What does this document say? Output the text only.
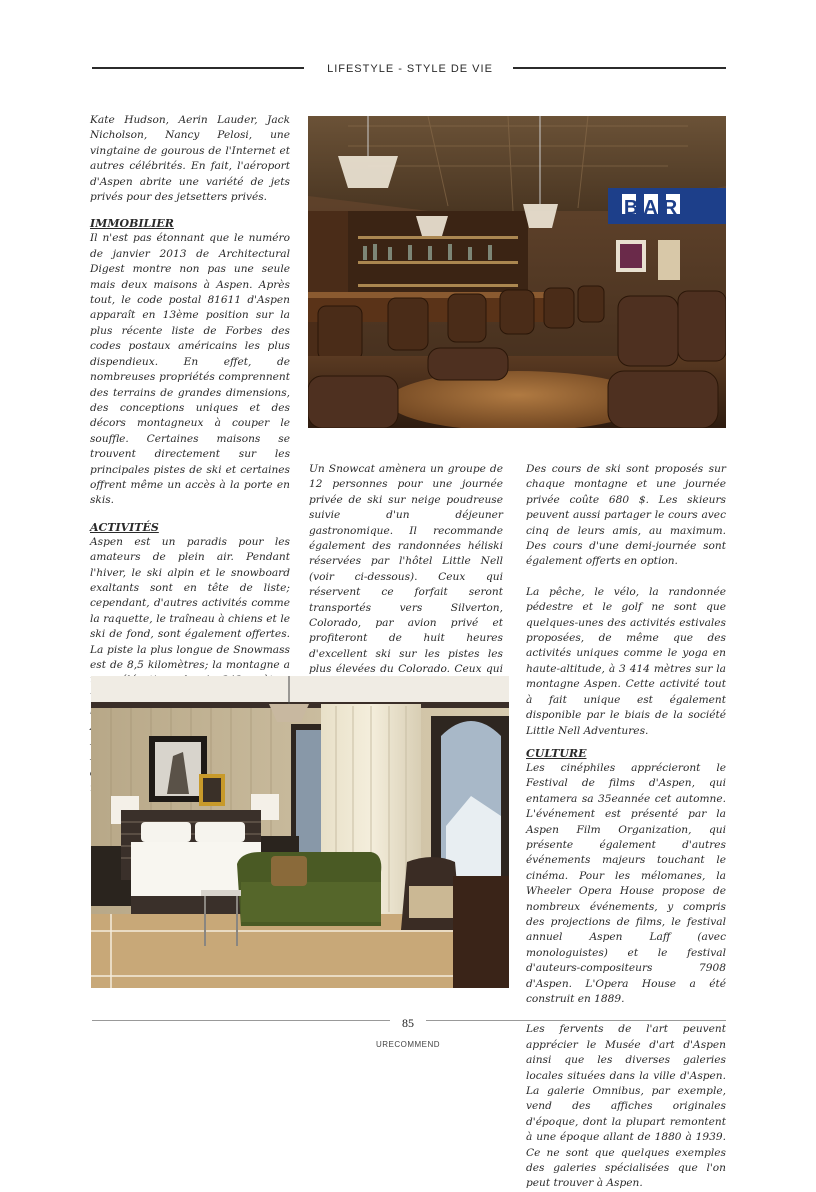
LIFESTYLE - STYLE DE VIE

Kate Hudson, Aerin Lauder, Jack Nicholson, Nancy Pelosi, une vingtaine de gourous de l'Internet et autres célébrités. En fait, l'aéroport d'Aspen abrite une variété de jets privés pour des jetsetters privés.

IMMOBILIER

Il n'est pas étonnant que le numéro de janvier 2013 de Architectural Digest montre non pas une seule mais deux maisons à Aspen. Après tout, le code postal 81611 d'Aspen apparaît en 13ème position sur la plus récente liste de Forbes des codes postaux américains les plus dispendieux. En effet, de nombreuses propriétés comprennent des terrains de grandes dimensions, des conceptions uniques et des décors montagneux à couper le souffle. Certaines maisons se trouvent directement sur les principales pistes de ski et certaines offrent même un accès à la porte en skis.

ACTIVITÉS

Aspen est un paradis pour les amateurs de plein air. Pendant l'hiver, le ski alpin et le snowboard exaltants sont en tête de liste; cependant, d'autres activités comme la raquette, le traîneau à chiens et le ski de fond, sont également offertes. La piste la plus longue de Snowmass est de 8,5 kilomètres; la montagne a

BAR

Un Snowcat amènera un groupe de 12 personnes pour une journée privée de ski sur neige poudreuse suivie d'un déjeuner gastronomique. Il recommande également des randonnées héliski réservées par l'hôtel Little Nell (voir ci-dessous). Ceux qui réservent ce forfait seront transportés vers Silverton, Colorado, par avion privé et profiteront de huit heures d'excellent ski sur les pistes les plus élevées du Colorado. Ceux qui

Des cours de ski sont proposés sur chaque montagne et une journée privée coûte 680 $. Les skieurs peuvent aussi partager le cours avec cinq de leurs amis, au maximum. Des cours d'une demi-journée sont également offerts en option.

La pêche, le vélo, la randonnée pédestre et le golf ne sont que quelques-unes des activités estivales proposées, de même que des activités uniques comme le yoga en haute-altitude, à 3 414 mètres sur la montagne Aspen. Cette activité tout à fait unique est également disponible par le biais de la société Little Nell Adventures.

CULTURE

Les cinéphiles apprécieront le Festival de films d'Aspen, qui entamera sa 35eannée cet automne. L'événement est présenté par la Aspen Film Organization, qui présente également d'autres événements majeurs touchant le cinéma. Pour les mélomanes, la Wheeler Opera House propose de nombreux événements, y compris des projections de films, le festival annuel Aspen Laff (avec monologuistes) et le festival d'auteurs-compositeurs 7908 d'Aspen. L'Opera House a été construit en 1889.

Les fervents de l'art peuvent apprécier le Musée d'art d'Aspen ainsi que les diverses galeries locales situées dans la ville d'Aspen. La galerie Omnibus, par exemple, vend des affiches originales d'époque, dont la plupart remontent à une époque allant de 1880 à 1939. Ce ne sont que quelques exemples des galeries spécialisées que l'on peut trouver à Aspen.

85
URECOMMEND
